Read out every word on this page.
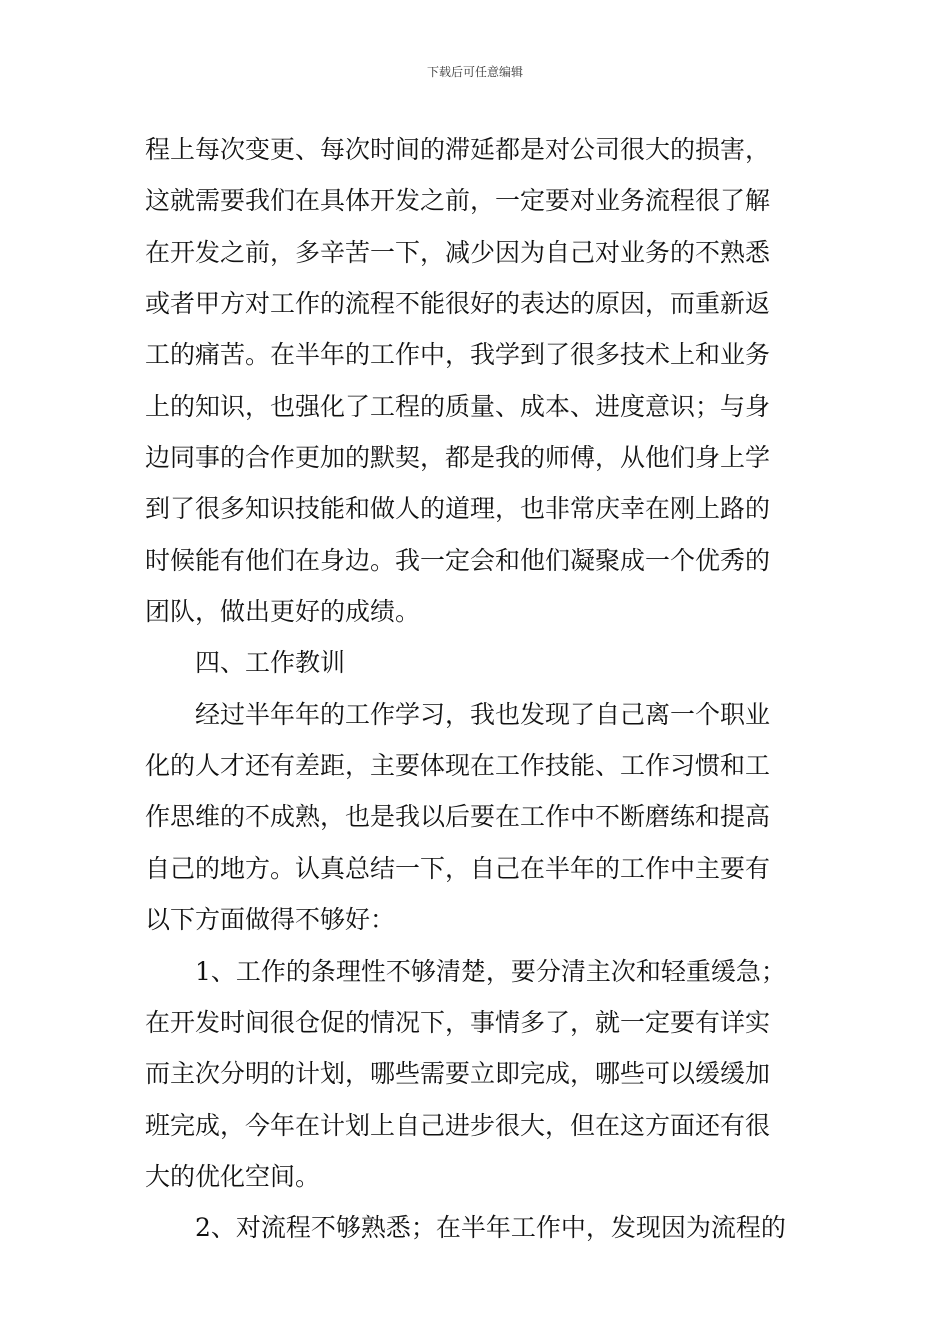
下载后可任意编辑
程上每次变更、每次时间的滞延都是对公司很大的损害，
这就需要我们在具体开发之前，一定要对业务流程很了解
在开发之前，多辛苦一下，减少因为自己对业务的不熟悉
或者甲方对工作的流程不能很好的表达的原因，而重新返
工的痛苦。在半年的工作中，我学到了很多技术上和业务
上的知识，也强化了工程的质量、成本、进度意识；与身
边同事的合作更加的默契，都是我的师傅，从他们身上学
到了很多知识技能和做人的道理，也非常庆幸在刚上路的
时候能有他们在身边。我一定会和他们凝聚成一个优秀的
团队，做出更好的成绩。
四、工作教训
经过半年年的工作学习，我也发现了自己离一个职业
化的人才还有差距，主要体现在工作技能、工作习惯和工
作思维的不成熟，也是我以后要在工作中不断磨练和提高
自己的地方。认真总结一下，自己在半年的工作中主要有
以下方面做得不够好：
1、工作的条理性不够清楚，要分清主次和轻重缓急；
在开发时间很仓促的情况下，事情多了，就一定要有详实
而主次分明的计划，哪些需要立即完成，哪些可以缓缓加
班完成，今年在计划上自己进步很大，但在这方面还有很
大的优化空间。
2、对流程不够熟悉；在半年工作中，发现因为流程的
